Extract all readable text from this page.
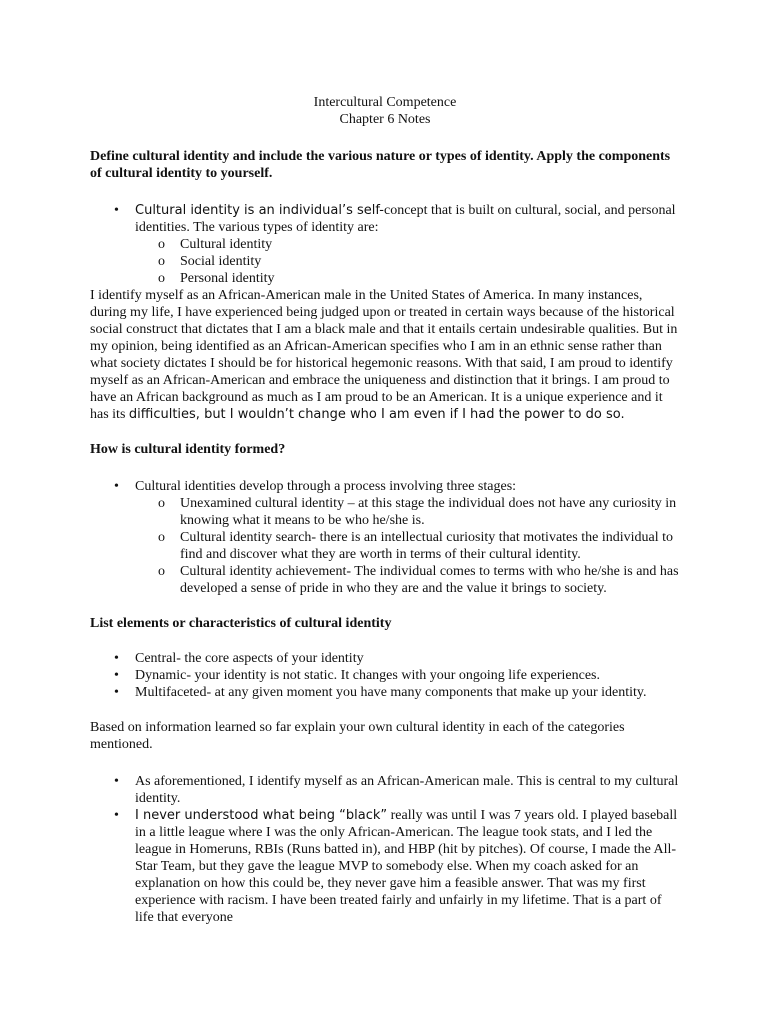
Intercultural Competence

Chapter 6 Notes

Define cultural identity and include the various nature or types of identity. Apply the components of cultural identity to yourself.

• Cultural identity is an individual’s self-concept that is built on cultural, social, and personal identities. The various types of identity are:
o Cultural identity
o Social identity
o Personal identity

I identify myself as an African-American male in the United States of America. In many instances, during my life, I have experienced being judged upon or treated in certain ways because of the historical social construct that dictates that I am a black male and that it entails certain undesirable qualities. But in my opinion, being identified as an African-American specifies who I am in an ethnic sense rather than what society dictates I should be for historical hegemonic reasons. With that said, I am proud to identify myself as an African-American and embrace the uniqueness and distinction that it brings. I am proud to have an African background as much as I am proud to be an American. It is a unique experience and it has its difficulties, but I wouldn’t change who I am even if I had the power to do so.

How is cultural identity formed?

• Cultural identities develop through a process involving three stages:
o Unexamined cultural identity – at this stage the individual does not have any curiosity in knowing what it means to be who he/she is.
o Cultural identity search- there is an intellectual curiosity that motivates the individual to find and discover what they are worth in terms of their cultural identity.
o Cultural identity achievement- The individual comes to terms with who he/she is and has developed a sense of pride in who they are and the value it brings to society.

List elements or characteristics of cultural identity

• Central- the core aspects of your identity
• Dynamic- your identity is not static. It changes with your ongoing life experiences.
• Multifaceted- at any given moment you have many components that make up your identity.

Based on information learned so far explain your own cultural identity in each of the categories mentioned.

• As aforementioned, I identify myself as an African-American male. This is central to my cultural identity.
• I never understood what being “black” really was until I was 7 years old. I played baseball in a little league where I was the only African-American. The league took stats, and I led the league in Homeruns, RBIs (Runs batted in), and HBP (hit by pitches). Of course, I made the All-Star Team, but they gave the league MVP to somebody else. When my coach asked for an explanation on how this could be, they never gave him a feasible answer. That was my first experience with racism. I have been treated fairly and unfairly in my lifetime. That is a part of life that everyone
